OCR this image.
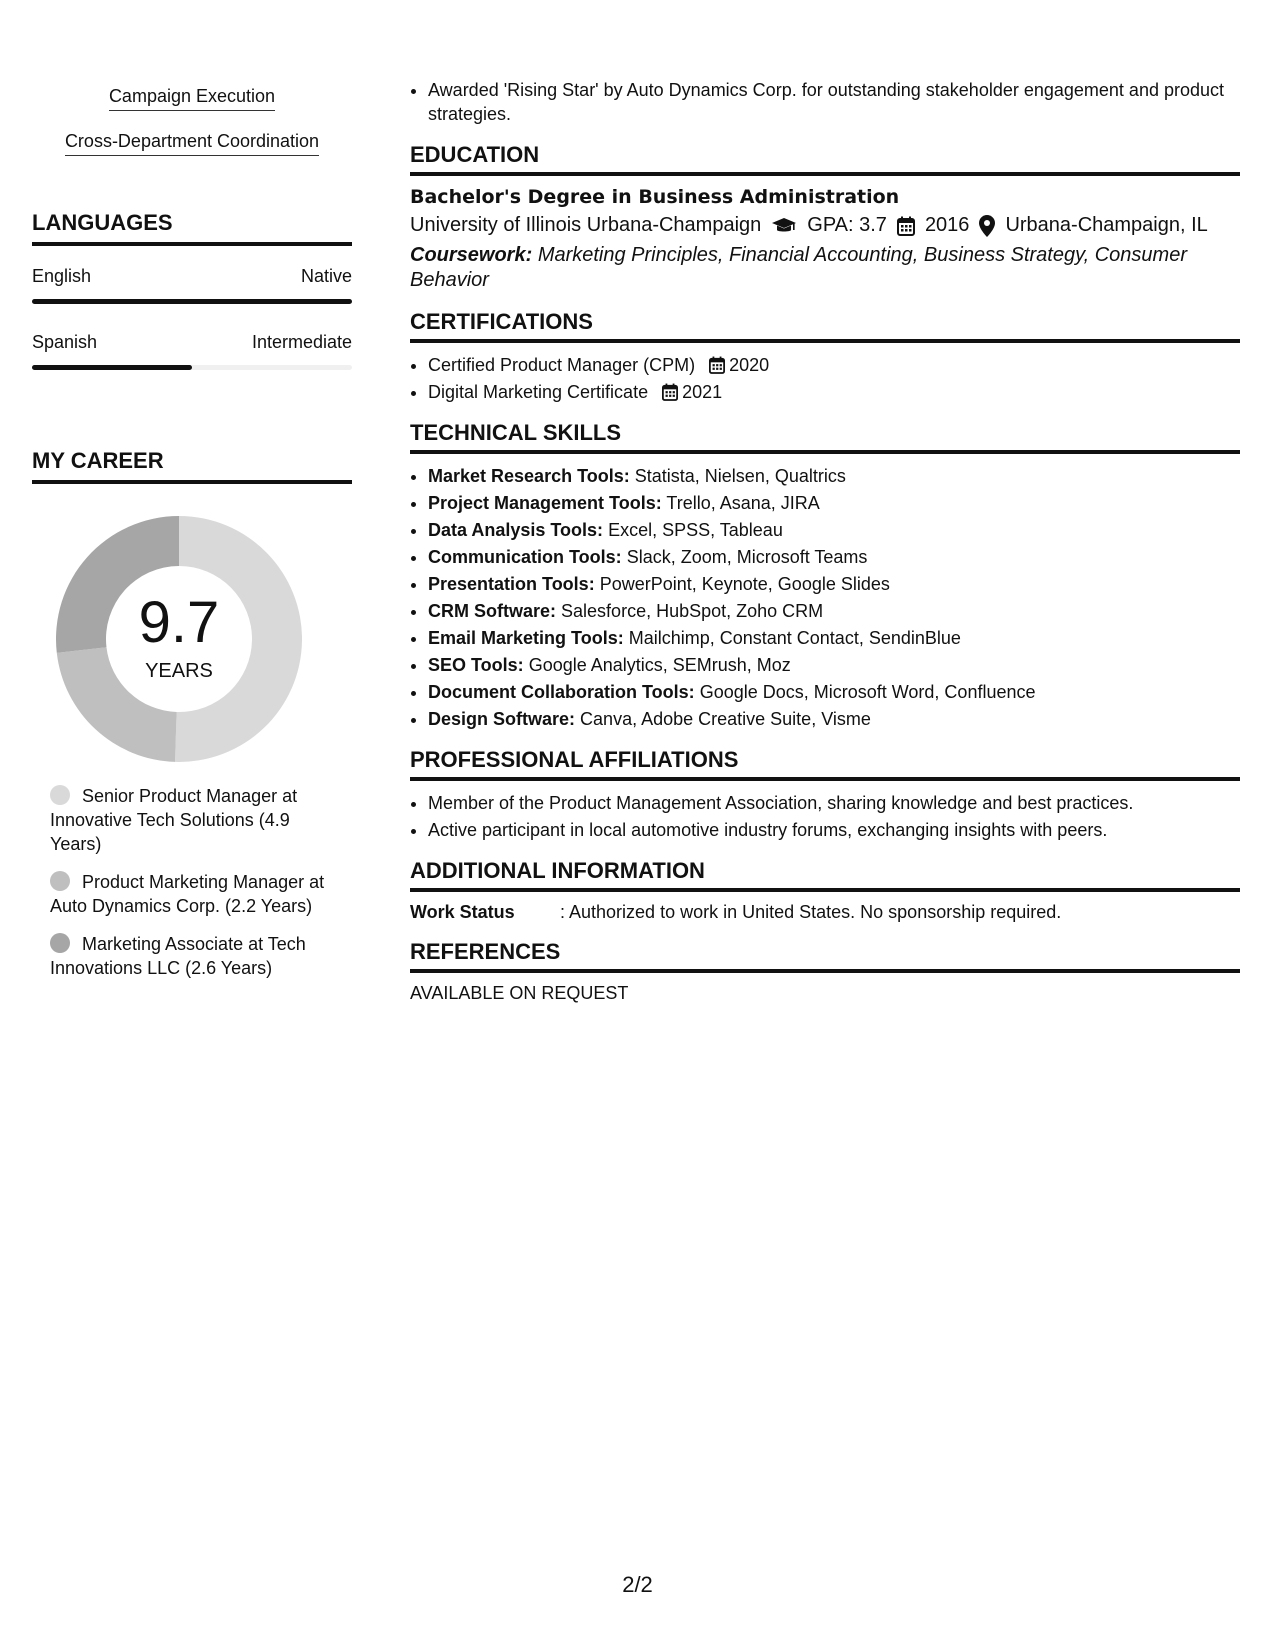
Campaign Execution
Cross-Department Coordination
LANGUAGES
English	Native
Spanish	Intermediate
MY CAREER
9.7
YEARS
Senior Product Manager at Innovative Tech Solutions (4.9 Years)
Product Marketing Manager at Auto Dynamics Corp. (2.2 Years)
Marketing Associate at Tech Innovations LLC (2.6 Years)
• Awarded 'Rising Star' by Auto Dynamics Corp. for outstanding stakeholder engagement and product strategies.
EDUCATION
Bachelor's Degree in Business Administration
University of Illinois Urbana-Champaign GPA: 3.7 2016 Urbana-Champaign, IL
Coursework: Marketing Principles, Financial Accounting, Business Strategy, Consumer Behavior
CERTIFICATIONS
• Certified Product Manager (CPM) 2020
• Digital Marketing Certificate 2021
TECHNICAL SKILLS
• Market Research Tools: Statista, Nielsen, Qualtrics
• Project Management Tools: Trello, Asana, JIRA
• Data Analysis Tools: Excel, SPSS, Tableau
• Communication Tools: Slack, Zoom, Microsoft Teams
• Presentation Tools: PowerPoint, Keynote, Google Slides
• CRM Software: Salesforce, HubSpot, Zoho CRM
• Email Marketing Tools: Mailchimp, Constant Contact, SendinBlue
• SEO Tools: Google Analytics, SEMrush, Moz
• Document Collaboration Tools: Google Docs, Microsoft Word, Confluence
• Design Software: Canva, Adobe Creative Suite, Visme
PROFESSIONAL AFFILIATIONS
• Member of the Product Management Association, sharing knowledge and best practices.
• Active participant in local automotive industry forums, exchanging insights with peers.
ADDITIONAL INFORMATION
Work Status	: Authorized to work in United States. No sponsorship required.
REFERENCES
AVAILABLE ON REQUEST
2/2
